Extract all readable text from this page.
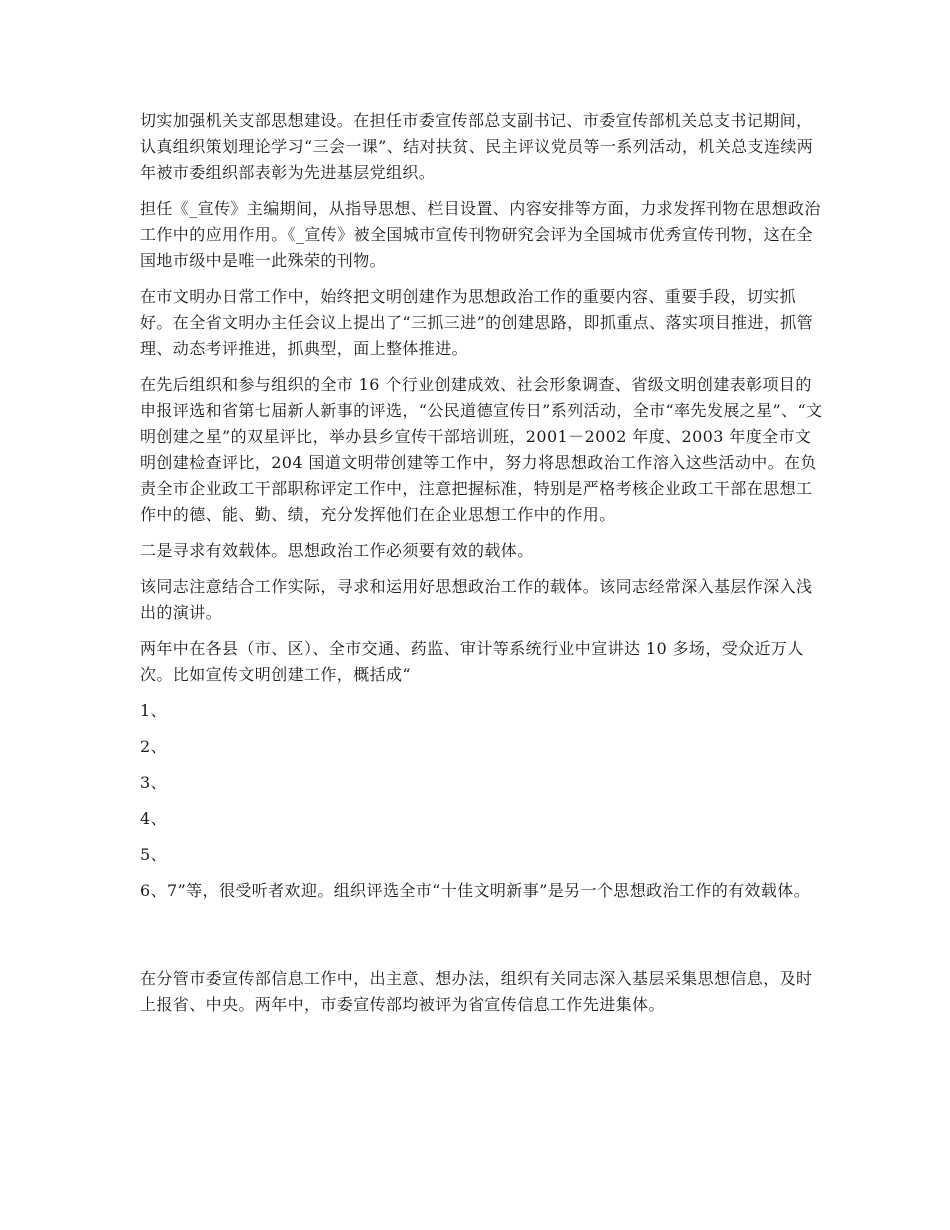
切实加强机关支部思想建设。在担任市委宣传部总支副书记、市委宣传部机关总支书记期间，认真组织策划理论学习“三会一课”、结对扶贫、民主评议党员等一系列活动，机关总支连续两年被市委组织部表彰为先进基层党组织。

担任《_宣传》主编期间，从指导思想、栏目设置、内容安排等方面，力求发挥刊物在思想政治工作中的应用作用。《_宣传》被全国城市宣传刊物研究会评为全国城市优秀宣传刊物，这在全国地市级中是唯一此殊荣的刊物。

在市文明办日常工作中，始终把文明创建作为思想政治工作的重要内容、重要手段，切实抓好。在全省文明办主任会议上提出了“三抓三进”的创建思路，即抓重点、落实项目推进，抓管理、动态考评推进，抓典型，面上整体推进。

在先后组织和参与组织的全市 16 个行业创建成效、社会形象调查、省级文明创建表彰项目的申报评选和省第七届新人新事的评选，“公民道德宣传日”系列活动，全市“率先发展之星”、“文明创建之星”的双星评比，举办县乡宣传干部培训班，2001－2002 年度、2003 年度全市文明创建检查评比，204 国道文明带创建等工作中，努力将思想政治工作溶入这些活动中。在负责全市企业政工干部职称评定工作中，注意把握标准，特别是严格考核企业政工干部在思想工作中的德、能、勤、绩，充分发挥他们在企业思想工作中的作用。

二是寻求有效载体。思想政治工作必须要有效的载体。

该同志注意结合工作实际，寻求和运用好思想政治工作的载体。该同志经常深入基层作深入浅出的演讲。

两年中在各县（市、区）、全市交通、药监、审计等系统行业中宣讲达 10 多场，受众近万人次。比如宣传文明创建工作，概括成“

1、

2、

3、

4、

5、

6、7”等，很受听者欢迎。组织评选全市“十佳文明新事”是另一个思想政治工作的有效载体。

在分管市委宣传部信息工作中，出主意、想办法，组织有关同志深入基层采集思想信息，及时上报省、中央。两年中，市委宣传部均被评为省宣传信息工作先进集体。
